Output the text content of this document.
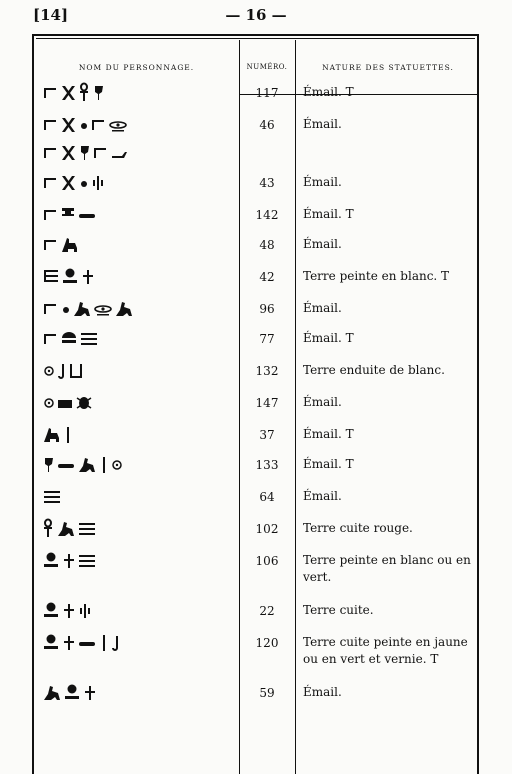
[14]	— 16 —
NOM DU PERSONNAGE.	NUMÉRO.	NATURE DES STATUETTES.
117	Émail. T
46	Émail.
43	Émail.
142	Émail. T
48	Émail.
42	Terre peinte en blanc. T
96	Émail.
77	Émail. T
132	Terre enduite de blanc.
147	Émail.
37	Émail. T
133	Émail. T
64	Émail.
102	Terre cuite rouge.
106	Terre peinte en blanc ou en vert.
22	Terre cuite.
120	Terre cuite peinte en jaune ou en vert et vernie. T
59	Émail.
